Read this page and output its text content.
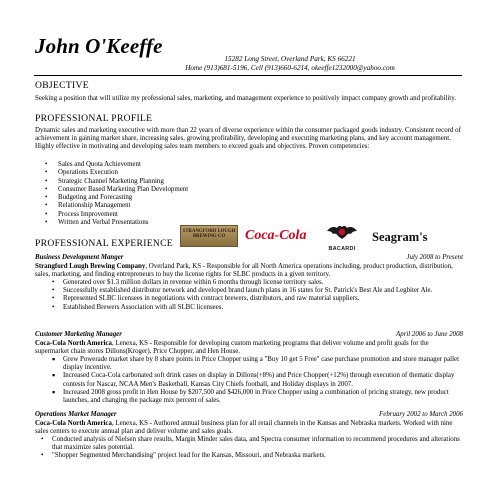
John O'Keeffe
15282 Long Street, Overland Park, KS 66221
Home (913)681-5196, Cell (913)660-6214, okeeffe1232000@yahoo.com
OBJECTIVE
Seeking a position that will utilize my professional sales, marketing, and management experience to positively impact company growth and profitability.
PROFESSIONAL PROFILE
Dynamic sales and marketing executive with more than 22 years of diverse experience within the consumer packaged goods industry. Consistent record of achievement in gaining market share, increasing sales, growing profitability, developing and executing marketing plans, and key account management. Highly effective in motivating and developing sales team members to exceed goals and objectives. Proven competencies:
• Sales and Quota Achievement
• Operations Execution
• Strategic Channel Marketing Planning
• Consumer Based Marketing Plan Development
• Budgeting and Forecasting
• Relationship Management
• Process Improvement
• Written and Verbal Presentations
PROFESSIONAL EXPERIENCE
STRANGFORD LOUGH BREWING CO	Coca-Cola
BACARDI
Seagram's
Business Development Manger	July 2008 to Present
Strangford Lough Brewing Company, Overland Park, KS - Responsible for all North America operations including, product production, distribution, sales, marketing, and finding entrepreneurs to buy the license rights for SLBC products in a given territory.
• Generated over $1.3 million dollars in revenue within 6 months through license territory sales.
• Successfully established distributor network and developed brand launch plans in 16 states for St. Patrick's Best Ale and Legbiter Ale.
• Represented SLBC licensees in negotiations with contract brewers, distributors, and raw material suppliers.
• Established Brewers Association with all SLBC licensees.
Customer Marketing Manager	April 2006 to June 2008
Coca-Cola North America, Lenexa, KS - Responsible for developing custom marketing programs that deliver volume and profit goals for the supermarket chain stores Dillons(Kroger), Price Chopper, and Hen House.
▪ Grew Powerade market share by 8 share points in Price Chopper using a "Buy 10 get 5 Free" case purchase promotion and store manager pallet display incentive.
▪ Increased Coca-Cola carbonated soft drink cases on display in Dillons(+8%) and Price Chopper(+12%) through execution of thematic display contests for Nascar, NCAA Men's Basketball, Kansas City Chiefs football, and Holiday displays in 2007.
▪ Increased 2008 gross profit in Hen House by $207,500 and $426,000 in Price Chopper using a combination of pricing strategy, new product launches, and changing the package mix percent of sales.
Operations Market Manager	February 2002 to March 2006
Coca-Cola North America, Lenexa, KS - Authored annual business plan for all retail channels in the Kansas and Nebraska markets. Worked with nine sales centers to execute annual plan and deliver volume and sales goals.
• Conducted analysis of Nielsen share results, Margin Minder sales data, and Spectra consumer information to recommend procedures and alterations that maximize sales potential.
• "Shopper Segmented Merchandising" project lead for the Kansas, Missouri, and Nebraska markets.
